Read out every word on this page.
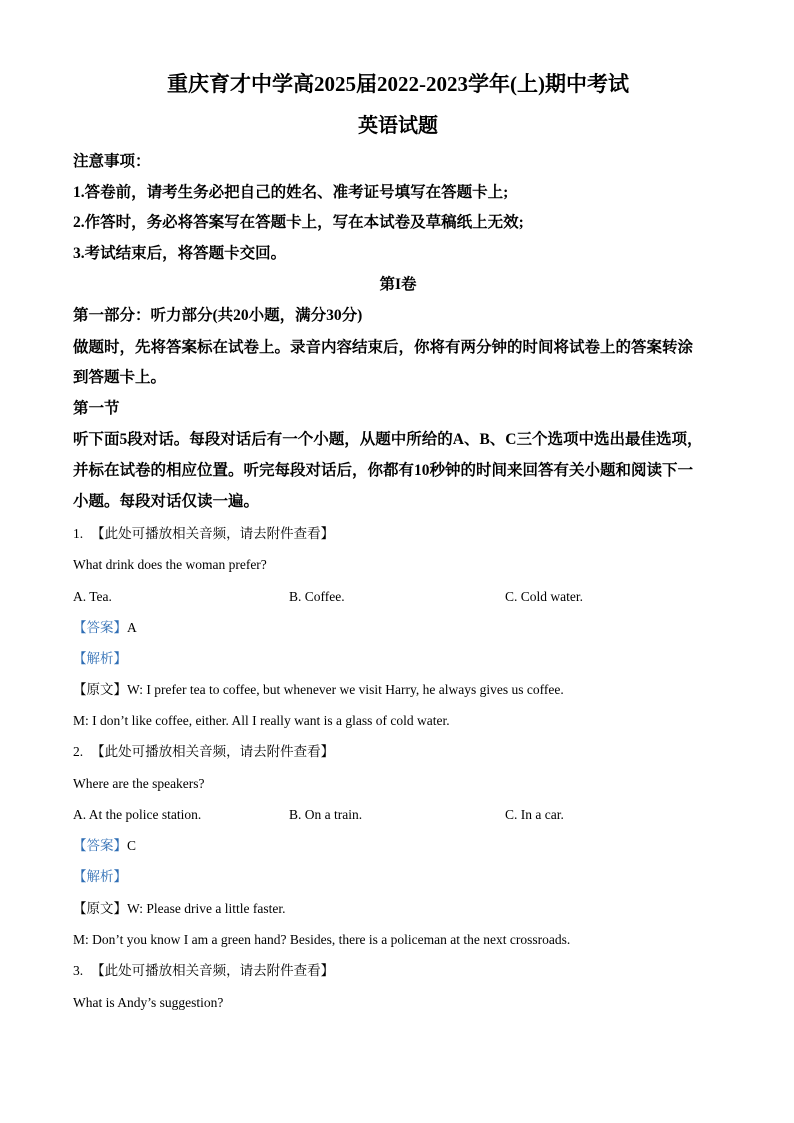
重庆育才中学高2025届2022-2023学年(上)期中考试
英语试题
注意事项：
1.答卷前，请考生务必把自己的姓名、准考证号填写在答题卡上;
2.作答时，务必将答案写在答题卡上，写在本试卷及草稿纸上无效;
3.考试结束后，将答题卡交回。
第I卷
第一部分：听力部分(共20小题，满分30分)
做题时，先将答案标在试卷上。录音内容结束后，你将有两分钟的时间将试卷上的答案转涂
到答题卡上。
第一节
听下面5段对话。每段对话后有一个小题，从题中所给的A、B、C三个选项中选出最佳选项，
并标在试卷的相应位置。听完每段对话后，你都有10秒钟的时间来回答有关小题和阅读下一
小题。每段对话仅读一遍。
1. 【此处可播放相关音频，请去附件查看】
What drink does the woman prefer?
A. Tea.	B. Coffee.	C. Cold water.
【答案】A
【解析】
【原文】W: I prefer tea to coffee, but whenever we visit Harry, he always gives us coffee.
M: I don’t like coffee, either. All I really want is a glass of cold water.
2. 【此处可播放相关音频，请去附件查看】
Where are the speakers?
A. At the police station.	B. On a train.	C. In a car.
【答案】C
【解析】
【原文】W: Please drive a little faster.
M: Don’t you know I am a green hand? Besides, there is a policeman at the next crossroads.
3. 【此处可播放相关音频，请去附件查看】
What is Andy’s suggestion?
